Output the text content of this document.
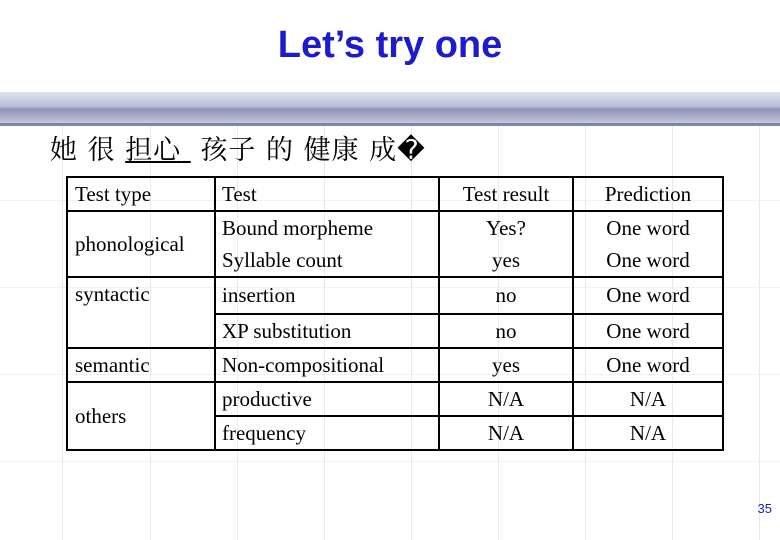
Let’s try one
她 很 担心 孩子 的 健康 成�
Test type	Test	Test result	Prediction
phonological	Bound morpheme	Yes?	One word
	Syllable count	yes	One word
syntactic	insertion	no	One word
	XP substitution	no	One word
semantic	Non-compositional	yes	One word
others	productive	N/A	N/A
	frequency	N/A	N/A
35
